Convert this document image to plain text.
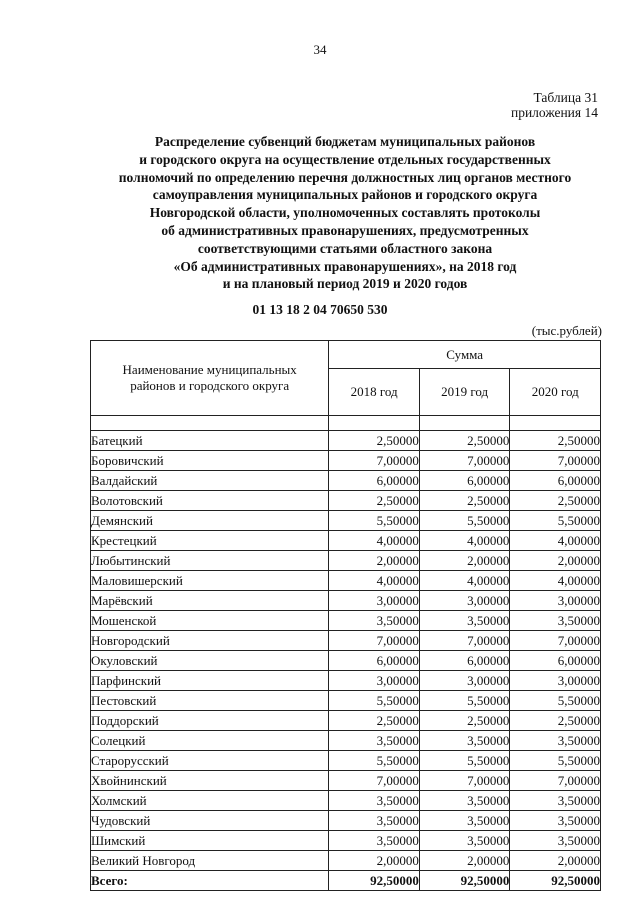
34
Таблица 31
приложения 14
Распределение субвенций бюджетам муниципальных районов
и городского округа на осуществление отдельных государственных
полномочий по определению перечня должностных лиц органов местного
самоуправления муниципальных районов и городского округа
Новгородской области, уполномоченных составлять протоколы
об административных правонарушениях, предусмотренных
соответствующими статьями областного закона
«Об административных правонарушениях», на 2018 год
и на плановый период 2019 и 2020 годов
01 13 18 2 04 70650 530
(тыс.рублей)
Наименование муниципальных
районов и городского округа	Сумма		
	2018 год	2019 год	2020 год

Батецкий	2,50000	2,50000	2,50000
Боровичский	7,00000	7,00000	7,00000
Валдайский	6,00000	6,00000	6,00000
Волотовский	2,50000	2,50000	2,50000
Демянский	5,50000	5,50000	5,50000
Крестецкий	4,00000	4,00000	4,00000
Любытинский	2,00000	2,00000	2,00000
Маловишерский	4,00000	4,00000	4,00000
Марёвский	3,00000	3,00000	3,00000
Мошенской	3,50000	3,50000	3,50000
Новгородский	7,00000	7,00000	7,00000
Окуловский	6,00000	6,00000	6,00000
Парфинский	3,00000	3,00000	3,00000
Пестовский	5,50000	5,50000	5,50000
Поддорский	2,50000	2,50000	2,50000
Солецкий	3,50000	3,50000	3,50000
Старорусский	5,50000	5,50000	5,50000
Хвойнинский	7,00000	7,00000	7,00000
Холмский	3,50000	3,50000	3,50000
Чудовский	3,50000	3,50000	3,50000
Шимский	3,50000	3,50000	3,50000
Великий Новгород	2,00000	2,00000	2,00000
Всего:	92,50000	92,50000	92,50000
